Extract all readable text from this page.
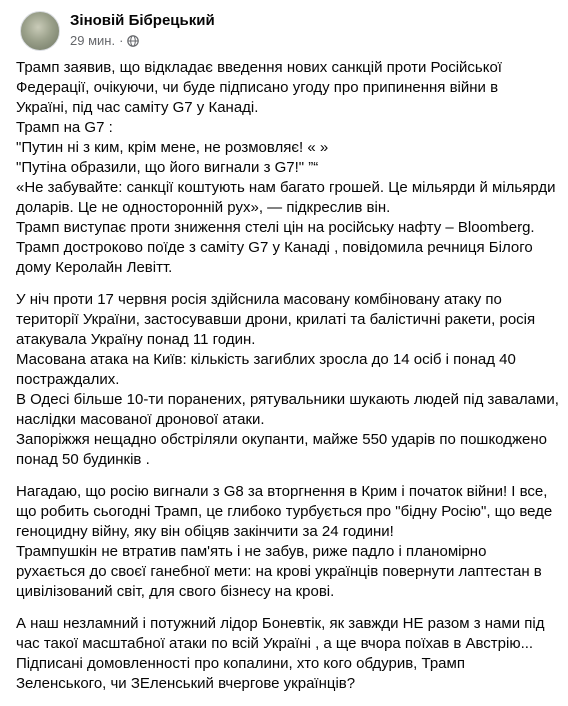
Зіновій Бібрецький
29 мин. ·
Трамп заявив, що відкладає введення нових санкцій проти Російської
Федерації, очікуючи, чи буде підписано угоду про припинення війни в
Україні, під час саміту G7 у Канаді.
Трамп на G7 :
"Путин ні з ким, крім мене, не розмовляє! « »
"Путіна образили, що його вигнали з G7!" ”“
«Не забувайте: санкції коштують нам багато грошей. Це мільярди й мільярди
доларів. Це не односторонній рух», — підкреслив він.
Трамп виступає проти зниження стелі цін на російську нафту – Bloomberg.
Трамп достроково поїде з саміту G7 у Канаді , повідомила речниця Білого
дому Керолайн Левітт.
У ніч проти 17 червня росія здійснила масовану комбіновану атаку по
території України, застосувавши дрони, крилаті та балістичні ракети, росія
атакувала Україну понад 11 годин.
Масована атака на Київ: кількість загиблих зросла до 14 осіб і понад 40
постраждалих.
В Одесі більше 10-ти поранених, рятувальники шукають людей під завалами,
наслідки масованої дронової атаки.
Запоріжжя нещадно обстріляли окупанти, майже 550 ударів по пошкоджено
понад 50 будинків .
Нагадаю, що росію вигнали з G8 за вторгнення в Крим і початок війни! І все,
що робить сьогодні Трамп, це глибоко турбується про "бідну Росію", що веде
геноцидну війну, яку він обіцяв закінчити за 24 години!
Трампушкін не втратив пам'ять і не забув, риже падло і планомірно
рухається до своєї ганебної мети: на крові українців повернути лаптестан в
цивілізований світ, для свого бізнесу на крові.
А наш незламний і потужний лідор Боневтік, як завжди НЕ разом з нами під
час такої масштабної атаки по всій Україні , а ще вчора поїхав в Австрію...
Підписані домовленності про копалини, хто кого обдурив, Трамп
Зеленського, чи ЗЕленський вчергове українців?
